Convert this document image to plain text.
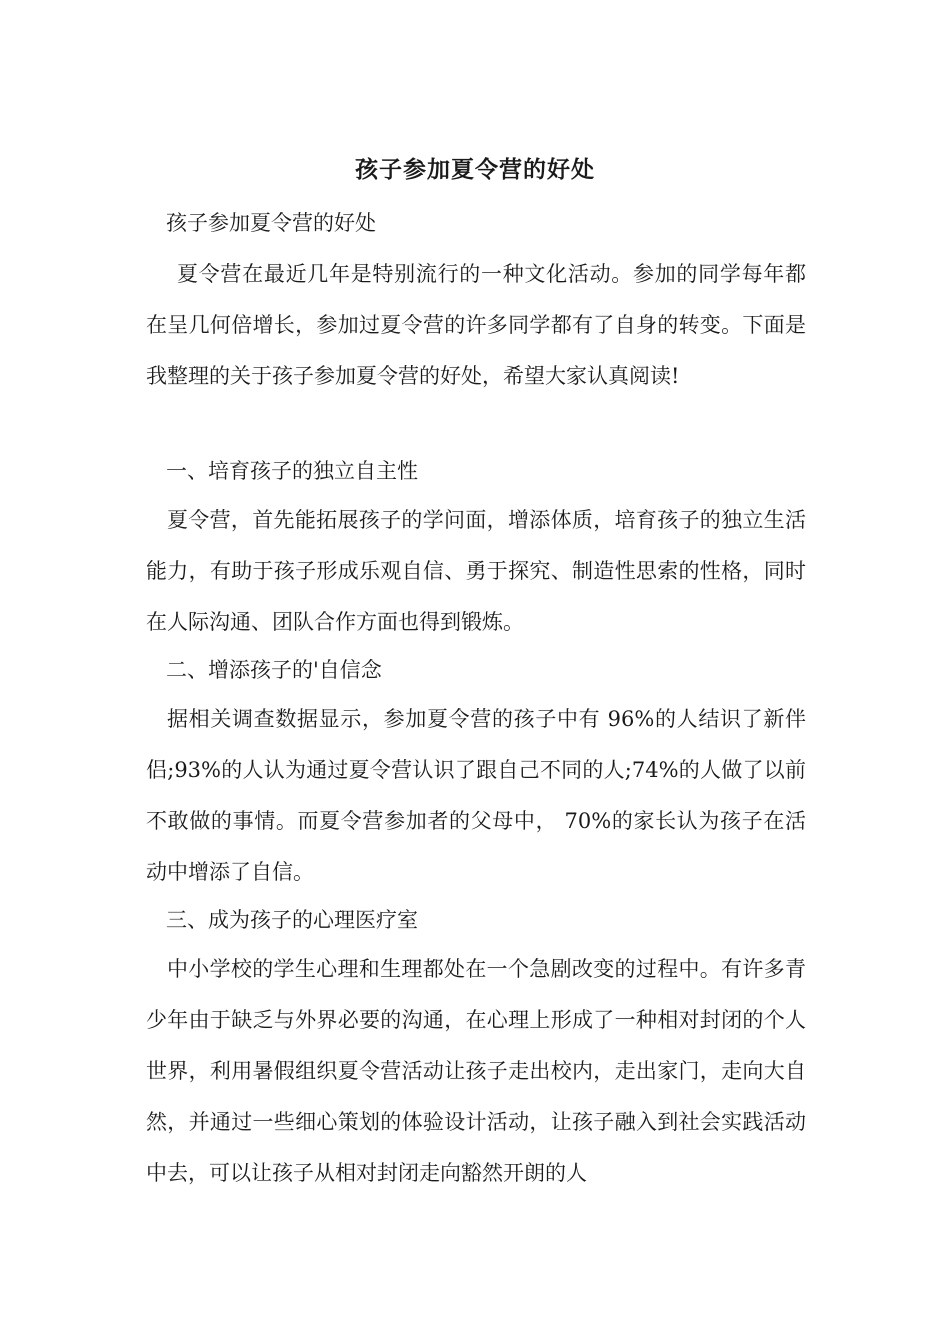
孩子参加夏令营的好处
孩子参加夏令营的好处
夏令营在最近几年是特别流行的一种文化活动。参加的同学每年都在呈几何倍增长，参加过夏令营的许多同学都有了自身的转变。下面是我整理的关于孩子参加夏令营的好处，希望大家认真阅读!
一、培育孩子的独立自主性
夏令营，首先能拓展孩子的学问面，增添体质，培育孩子的独立生活能力，有助于孩子形成乐观自信、勇于探究、制造性思索的性格，同时在人际沟通、团队合作方面也得到锻炼。
二、增添孩子的'自信念
据相关调查数据显示，参加夏令营的孩子中有 96%的人结识了新伴侣;93%的人认为通过夏令营认识了跟自己不同的人;74%的人做了以前不敢做的事情。而夏令营参加者的父母中， 70%的家长认为孩子在活动中增添了自信。
三、成为孩子的心理医疗室
中小学校的学生心理和生理都处在一个急剧改变的过程中。有许多青少年由于缺乏与外界必要的沟通，在心理上形成了一种相对封闭的个人世界，利用暑假组织夏令营活动让孩子走出校内，走出家门，走向大自然，并通过一些细心策划的体验设计活动，让孩子融入到社会实践活动中去，可以让孩子从相对封闭走向豁然开朗的人
